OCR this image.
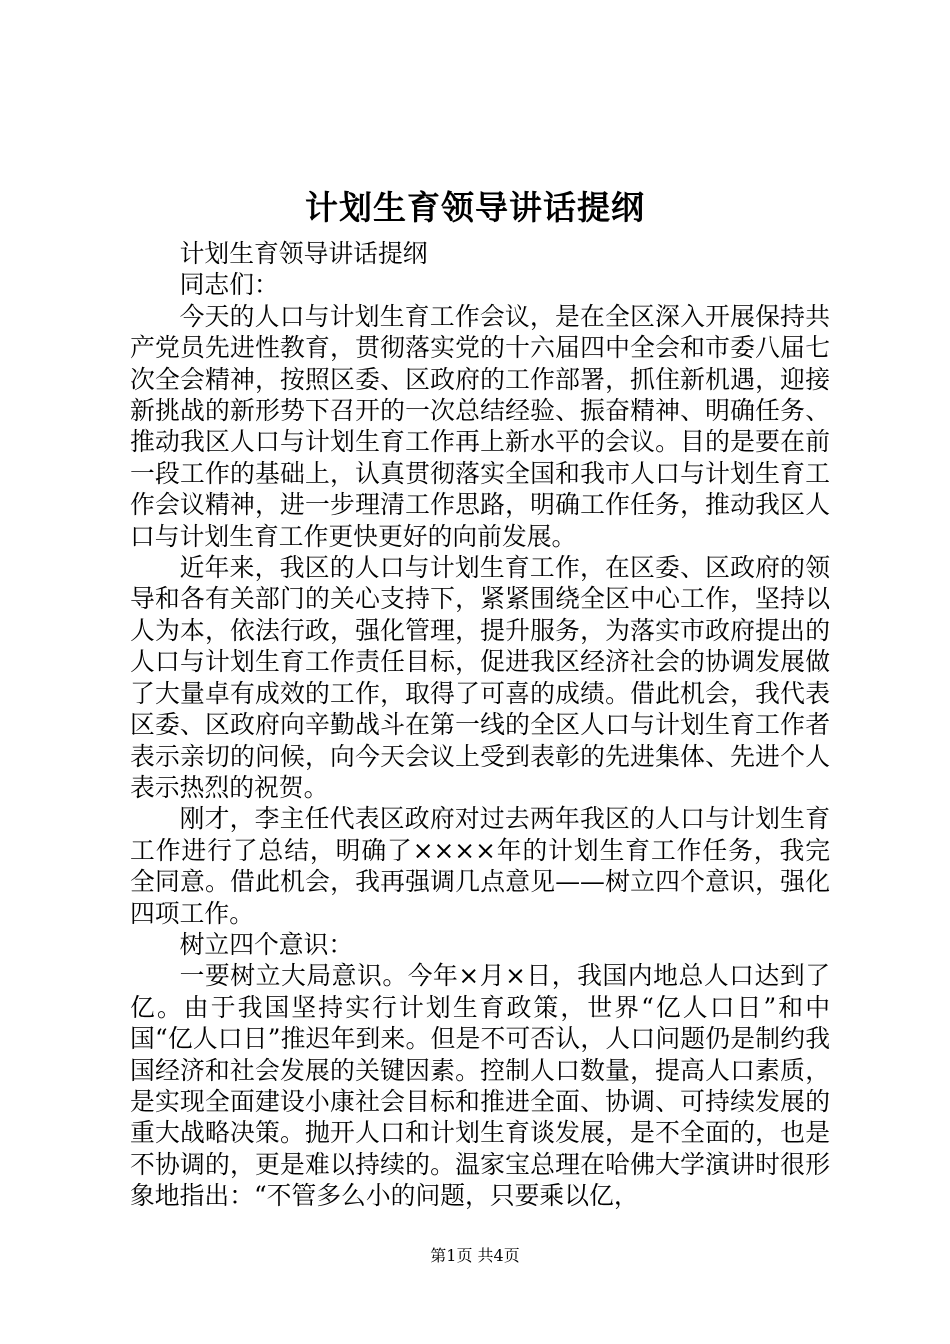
计划生育领导讲话提纲

计划生育领导讲话提纲

同志们：

今天的人口与计划生育工作会议，是在全区深入开展保持共产党员先进性教育，贯彻落实党的十六届四中全会和市委八届七次全会精神，按照区委、区政府的工作部署，抓住新机遇，迎接新挑战的新形势下召开的一次总结经验、振奋精神、明确任务、推动我区人口与计划生育工作再上新水平的会议。目的是要在前一段工作的基础上，认真贯彻落实全国和我市人口与计划生育工作会议精神，进一步理清工作思路，明确工作任务，推动我区人口与计划生育工作更快更好的向前发展。

近年来，我区的人口与计划生育工作，在区委、区政府的领导和各有关部门的关心支持下，紧紧围绕全区中心工作，坚持以人为本，依法行政，强化管理，提升服务，为落实市政府提出的人口与计划生育工作责任目标，促进我区经济社会的协调发展做了大量卓有成效的工作，取得了可喜的成绩。借此机会，我代表区委、区政府向辛勤战斗在第一线的全区人口与计划生育工作者表示亲切的问候，向今天会议上受到表彰的先进集体、先进个人表示热烈的祝贺。

刚才，李主任代表区政府对过去两年我区的人口与计划生育工作进行了总结，明确了××××年的计划生育工作任务，我完全同意。借此机会，我再强调几点意见——树立四个意识，强化四项工作。

树立四个意识：

一要树立大局意识。今年×月×日，我国内地总人口达到了亿。由于我国坚持实行计划生育政策，世界“亿人口日”和中国“亿人口日”推迟年到来。但是不可否认，人口问题仍是制约我国经济和社会发展的关键因素。控制人口数量，提高人口素质，是实现全面建设小康社会目标和推进全面、协调、可持续发展的重大战略决策。抛开人口和计划生育谈发展，是不全面的，也是不协调的，更是难以持续的。温家宝总理在哈佛大学演讲时很形象地指出：“不管多么小的问题，只要乘以亿，

第1页 共4页
